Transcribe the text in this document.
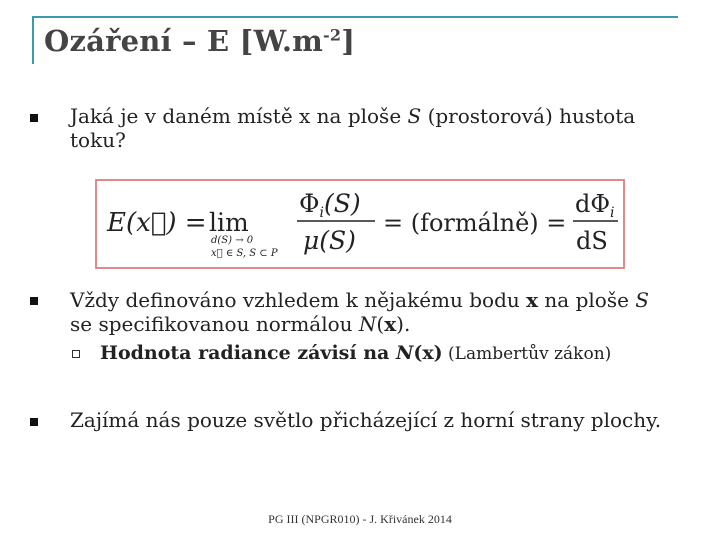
Ozáření – E $[W.m^{-2}]$
Jaká je v daném místě x na ploše S (prostorová) hustota toku?
E(x⃗) = lim
d(S) → 0
x⃗ ∈ S, S ⊂ P
$\Phi_i(S)$
μ(S)
= (formálně) =
$d\Phi_i$
dS
Vždy definováno vzhledem k nějakému bodu x na ploše S
se specifikovanou normálou N(x).
Hodnota radiance závisí na N(x) (Lambertův zákon)
Zajímá nás pouze světlo přicházející z horní strany plochy.
PG III (NPGR010) - J. Křivánek 2014
